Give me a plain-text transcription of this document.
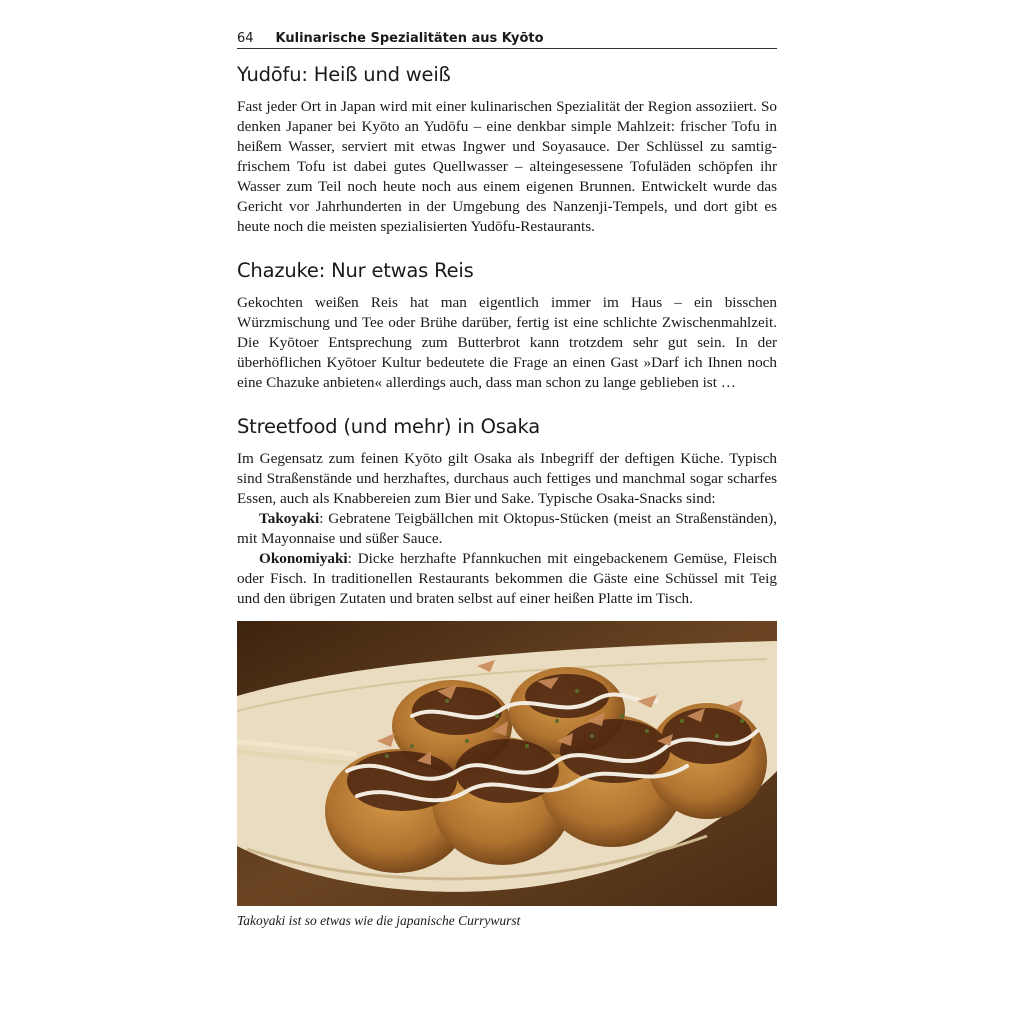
64 Kulinarische Spezialitäten aus Kyōto
Yudōfu: Heiß und weiß

Fast jeder Ort in Japan wird mit einer kulinarischen Spezialität der Region assoziiert. So denken Japaner bei Kyōto an Yudōfu – eine denkbar simple Mahlzeit: frischer Tofu in heißem Wasser, serviert mit etwas Ingwer und Soyasauce. Der Schlüssel zu samtig-frischem Tofu ist dabei gutes Quellwasser – alteingesessene Tofuläden schöpfen ihr Wasser zum Teil noch heute noch aus einem eigenen Brunnen. Entwickelt wurde das Gericht vor Jahrhunderten in der Umgebung des Nanzenji-Tempels, und dort gibt es heute noch die meisten spezialisierten Yudōfu-Restaurants.

Chazuke: Nur etwas Reis

Gekochten weißen Reis hat man eigentlich immer im Haus – ein bisschen Würzmischung und Tee oder Brühe darüber, fertig ist eine schlichte Zwischenmahlzeit. Die Kyōtoer Entsprechung zum Butterbrot kann trotzdem sehr gut sein. In der überhöflichen Kyōtoer Kultur bedeutete die Frage an einen Gast »Darf ich Ihnen noch eine Chazuke anbieten« allerdings auch, dass man schon zu lange geblieben ist …

Streetfood (und mehr) in Osaka

Im Gegensatz zum feinen Kyōto gilt Osaka als Inbegriff der deftigen Küche. Typisch sind Straßenstände und herzhaftes, durchaus auch fettiges und manchmal sogar scharfes Essen, auch als Knabbereien zum Bier und Sake. Typische Osaka-Snacks sind:

Takoyaki: Gebratene Teigbällchen mit Oktopus-Stücken (meist an Straßenständen), mit Mayonnaise und süßer Sauce.

Okonomiyaki: Dicke herzhafte Pfannkuchen mit eingebackenem Gemüse, Fleisch oder Fisch. In traditionellen Restaurants bekommen die Gäste eine Schüssel mit Teig und den übrigen Zutaten und braten selbst auf einer heißen Platte im Tisch.

Takoyaki ist so etwas wie die japanische Currywurst
